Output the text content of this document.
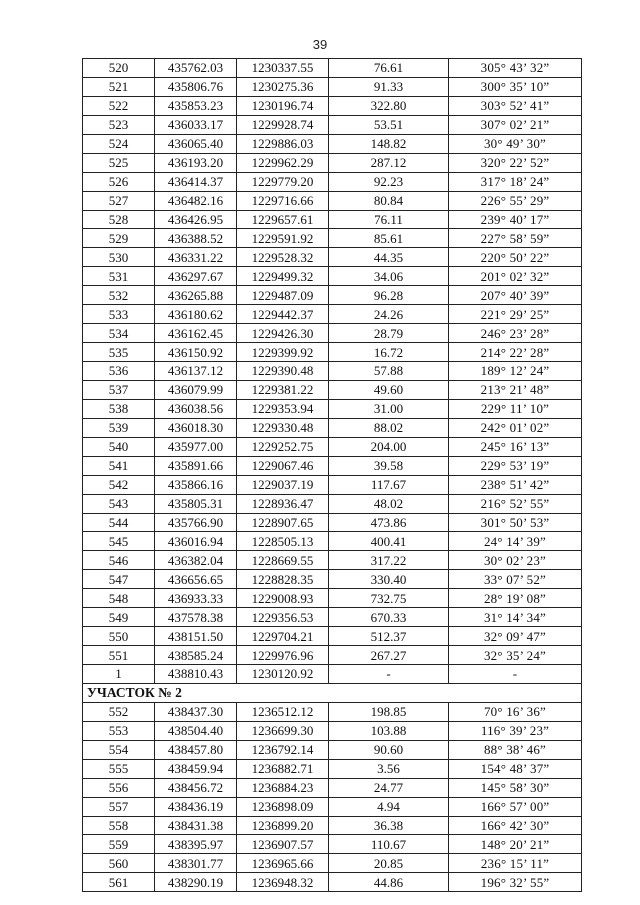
39
520	435762.03	1230337.55	76.61	305° 43’ 32”
521	435806.76	1230275.36	91.33	300° 35’ 10”
522	435853.23	1230196.74	322.80	303° 52’ 41”
523	436033.17	1229928.74	53.51	307° 02’ 21”
524	436065.40	1229886.03	148.82	30° 49’ 30”
525	436193.20	1229962.29	287.12	320° 22’ 52”
526	436414.37	1229779.20	92.23	317° 18’ 24”
527	436482.16	1229716.66	80.84	226° 55’ 29”
528	436426.95	1229657.61	76.11	239° 40’ 17”
529	436388.52	1229591.92	85.61	227° 58’ 59”
530	436331.22	1229528.32	44.35	220° 50’ 22”
531	436297.67	1229499.32	34.06	201° 02’ 32”
532	436265.88	1229487.09	96.28	207° 40’ 39”
533	436180.62	1229442.37	24.26	221° 29’ 25”
534	436162.45	1229426.30	28.79	246° 23’ 28”
535	436150.92	1229399.92	16.72	214° 22’ 28”
536	436137.12	1229390.48	57.88	189° 12’ 24”
537	436079.99	1229381.22	49.60	213° 21’ 48”
538	436038.56	1229353.94	31.00	229° 11’ 10”
539	436018.30	1229330.48	88.02	242° 01’ 02”
540	435977.00	1229252.75	204.00	245° 16’ 13”
541	435891.66	1229067.46	39.58	229° 53’ 19”
542	435866.16	1229037.19	117.67	238° 51’ 42”
543	435805.31	1228936.47	48.02	216° 52’ 55”
544	435766.90	1228907.65	473.86	301° 50’ 53”
545	436016.94	1228505.13	400.41	24° 14’ 39”
546	436382.04	1228669.55	317.22	30° 02’ 23”
547	436656.65	1228828.35	330.40	33° 07’ 52”
548	436933.33	1229008.93	732.75	28° 19’ 08”
549	437578.38	1229356.53	670.33	31° 14’ 34”
550	438151.50	1229704.21	512.37	32° 09’ 47”
551	438585.24	1229976.96	267.27	32° 35’ 24”
1	438810.43	1230120.92	-	-
УЧАСТОК № 2				
552	438437.30	1236512.12	198.85	70° 16’ 36”
553	438504.40	1236699.30	103.88	116° 39’ 23”
554	438457.80	1236792.14	90.60	88° 38’ 46”
555	438459.94	1236882.71	3.56	154° 48’ 37”
556	438456.72	1236884.23	24.77	145° 58’ 30”
557	438436.19	1236898.09	4.94	166° 57’ 00”
558	438431.38	1236899.20	36.38	166° 42’ 30”
559	438395.97	1236907.57	110.67	148° 20’ 21”
560	438301.77	1236965.66	20.85	236° 15’ 11”
561	438290.19	1236948.32	44.86	196° 32’ 55”
